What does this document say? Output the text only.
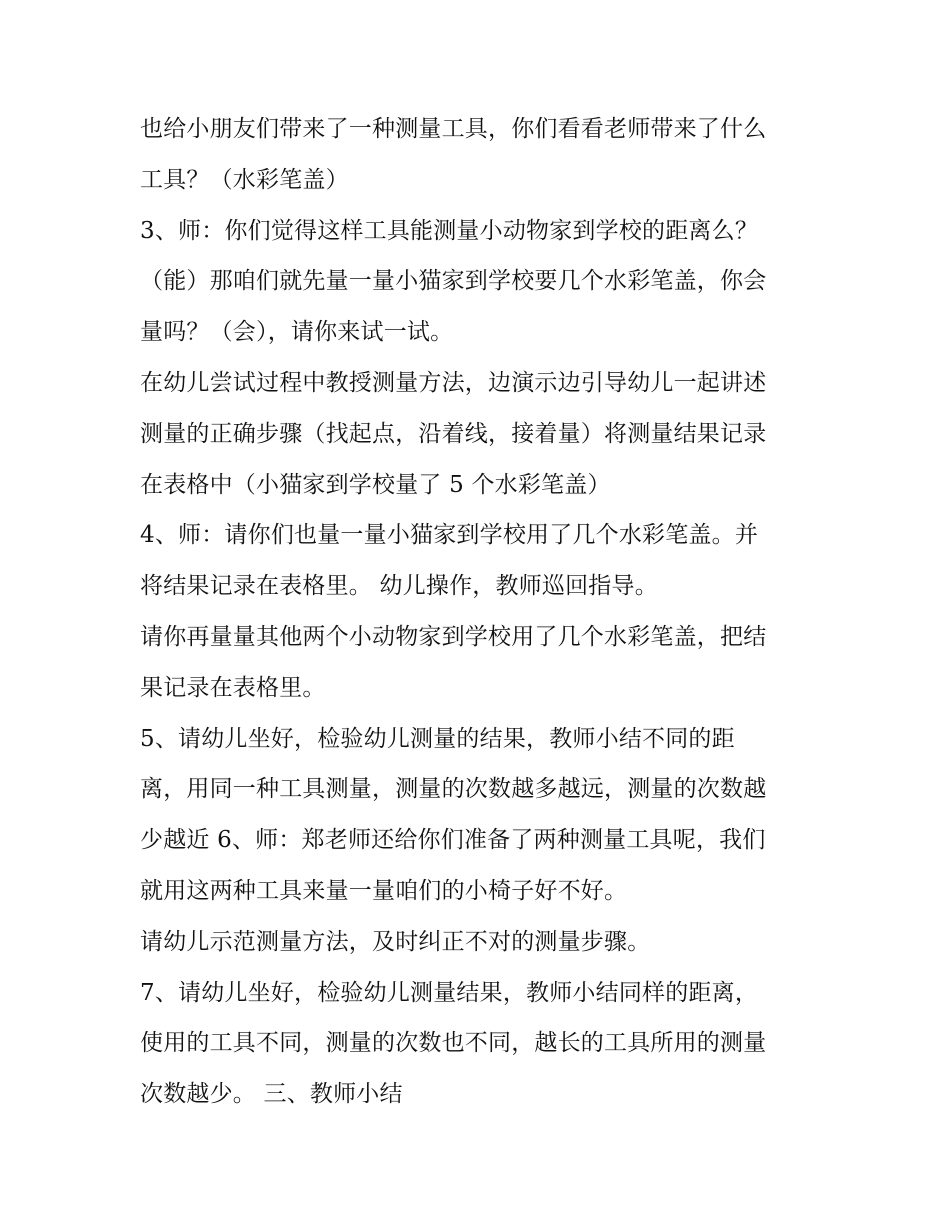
也给小朋友们带来了一种测量工具，你们看看老师带来了什么
工具？（水彩笔盖）
3、师：你们觉得这样工具能测量小动物家到学校的距离么？
（能）那咱们就先量一量小猫家到学校要几个水彩笔盖，你会
量吗？（会），请你来试一试。
在幼儿尝试过程中教授测量方法，边演示边引导幼儿一起讲述
测量的正确步骤（找起点，沿着线，接着量）将测量结果记录
在表格中（小猫家到学校量了 5 个水彩笔盖）
4、师：请你们也量一量小猫家到学校用了几个水彩笔盖。并
将结果记录在表格里。 幼儿操作，教师巡回指导。
请你再量量其他两个小动物家到学校用了几个水彩笔盖，把结
果记录在表格里。
5、请幼儿坐好，检验幼儿测量的结果，教师小结不同的距
离，用同一种工具测量，测量的次数越多越远，测量的次数越
少越近 6、师：郑老师还给你们准备了两种测量工具呢，我们
就用这两种工具来量一量咱们的小椅子好不好。
请幼儿示范测量方法，及时纠正不对的测量步骤。
7、请幼儿坐好，检验幼儿测量结果，教师小结同样的距离，
使用的工具不同，测量的次数也不同，越长的工具所用的测量
次数越少。 三、教师小结
